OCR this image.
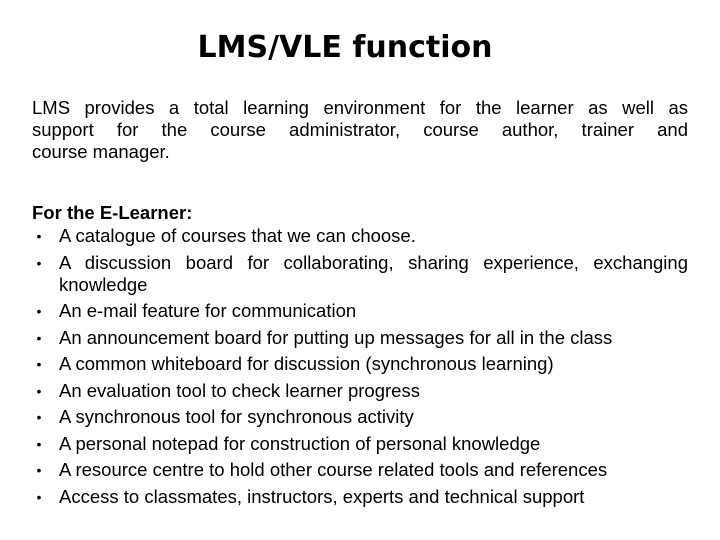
LMS/VLE function
LMS provides a total learning environment for the learner as well as
support for the course administrator, course author, trainer and
course manager.
For the E-Learner:
• A catalogue of courses that we can choose.
• A discussion board for collaborating, sharing experience, exchanging knowledge
• An e-mail feature for communication
• An announcement board for putting up messages for all in the class
• A common whiteboard for discussion (synchronous learning)
• An evaluation tool to check learner progress
• A synchronous tool for synchronous activity
• A personal notepad for construction of personal knowledge
• A resource centre to hold other course related tools and references
• Access to classmates, instructors, experts and technical support
